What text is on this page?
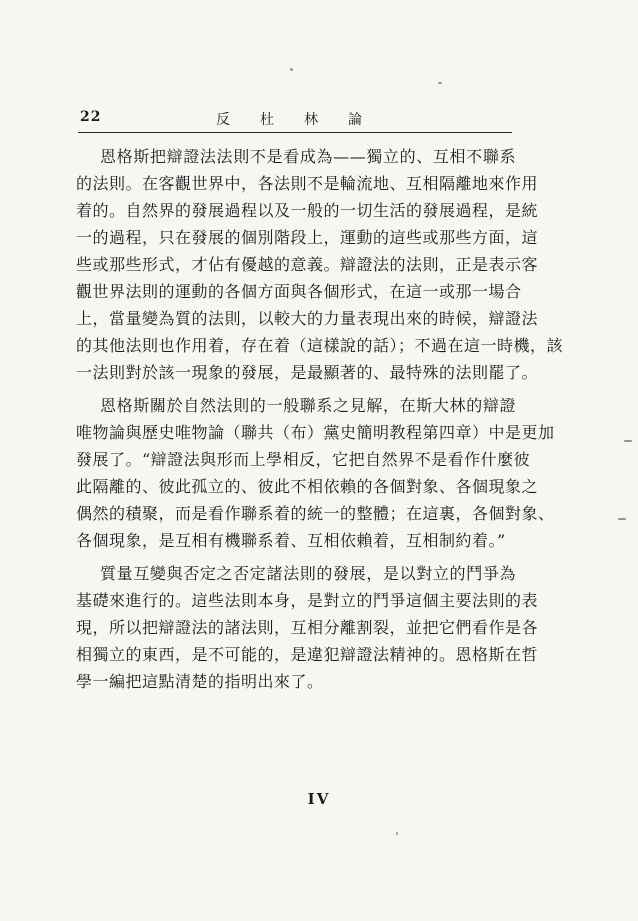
22	反杜林論
恩格斯把辯證法法則不是看成為——獨立的、互相不聯系
的法則。在客觀世界中，各法則不是輪流地、互相隔離地來作用
着的。自然界的發展過程以及一般的一切生活的發展過程，是統
一的過程，只在發展的個別階段上，運動的這些或那些方面，這
些或那些形式，才佔有優越的意義。辯證法的法則，正是表示客
觀世界法則的運動的各個方面與各個形式，在這一或那一場合
上，當量變為質的法則，以較大的力量表現出來的時候，辯證法
的其他法則也作用着，存在着（這樣說的話）；不過在這一時機，該
一法則對於該一現象的發展，是最顯著的、最特殊的法則罷了。
恩格斯關於自然法則的一般聯系之見解，在斯大林的辯證
唯物論與歷史唯物論（聯共（布）黨史簡明教程第四章）中是更加
發展了。“辯證法與形而上學相反，它把自然界不是看作什麼彼
此隔離的、彼此孤立的、彼此不相依賴的各個對象、各個現象之
偶然的積聚，而是看作聯系着的統一的整體；在這裏，各個對象、
各個現象，是互相有機聯系着、互相依賴着，互相制約着。”
質量互變與否定之否定諸法則的發展，是以對立的鬥爭為
基礎來進行的。這些法則本身，是對立的鬥爭這個主要法則的表
現，所以把辯證法的諸法則，互相分離割裂，並把它們看作是各
相獨立的東西，是不可能的，是違犯辯證法精神的。恩格斯在哲
學一編把這點清楚的指明出來了。
IV
